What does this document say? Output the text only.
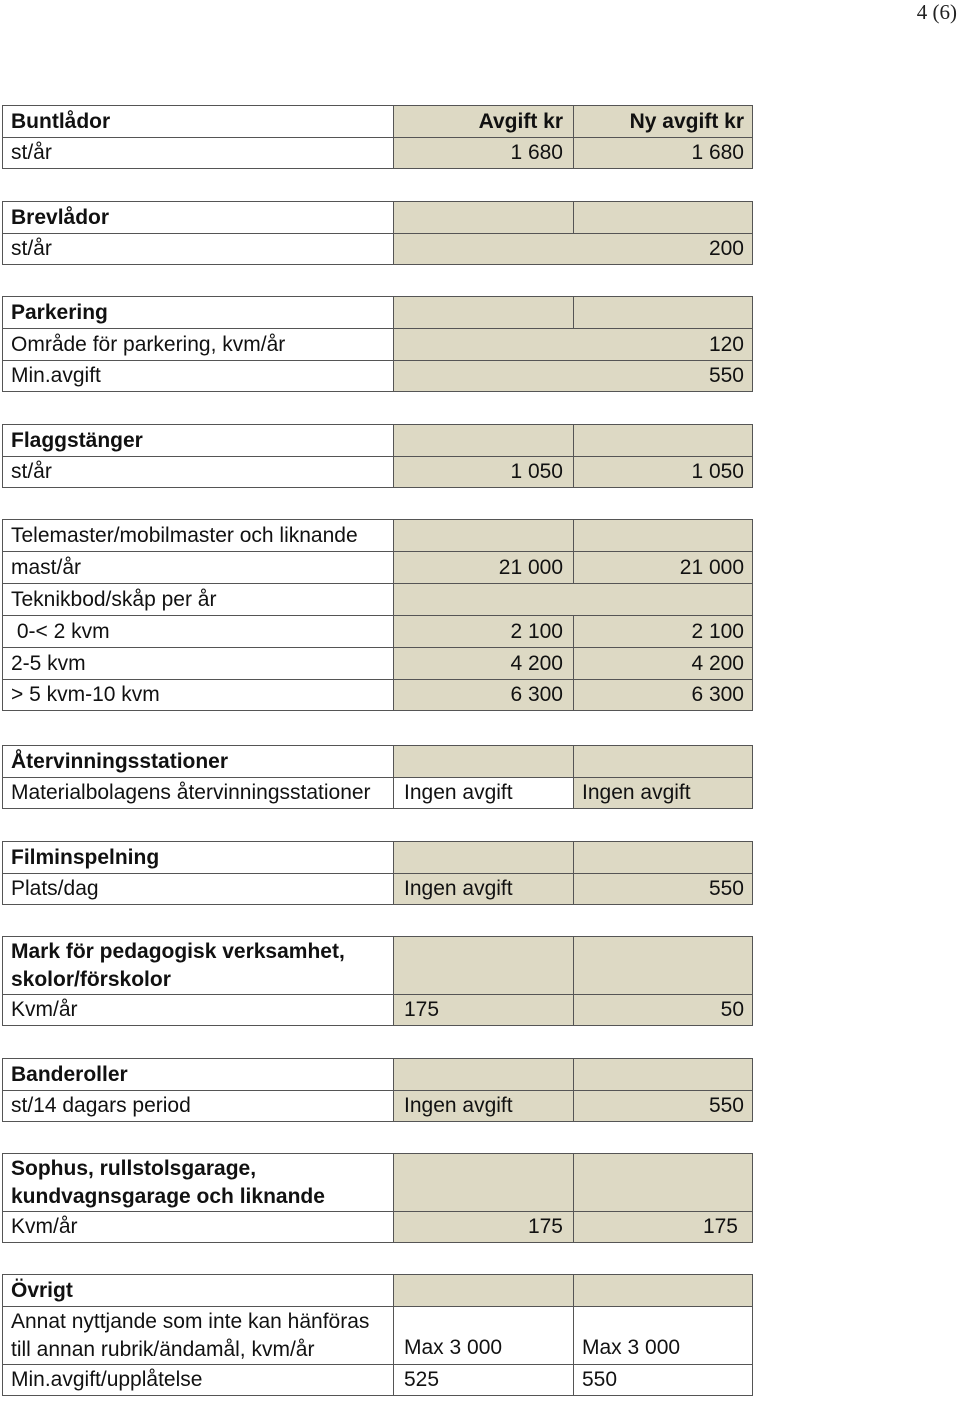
4 (6)
Buntlådor	Avgift kr	Ny avgift kr
st/år	1 680	1 680
Brevlådor
st/år	200
Parkering
Område för parkering, kvm/år	120
Min.avgift	550
Flaggstänger
st/år	1 050	1 050
Telemaster/mobilmaster och liknande
mast/år	21 000	21 000
Teknikbod/skåp per år
0-< 2 kvm	2 100	2 100
2-5 kvm	4 200	4 200
> 5 kvm-10 kvm	6 300	6 300
Återvinningsstationer
Materialbolagens återvinningsstationer	Ingen avgift	Ingen avgift
Filminspelning
Plats/dag	Ingen avgift	550
Mark för pedagogisk verksamhet, skolor/förskolor
Kvm/år	175	50
Banderoller
st/14 dagars period	Ingen avgift	550
Sophus, rullstolsgarage, kundvagnsgarage och liknande
Kvm/år	175	175
Övrigt
Annat nyttjande som inte kan hänföras till annan rubrik/ändamål, kvm/år	Max 3 000	Max 3 000
Min.avgift/upplåtelse	525	550
